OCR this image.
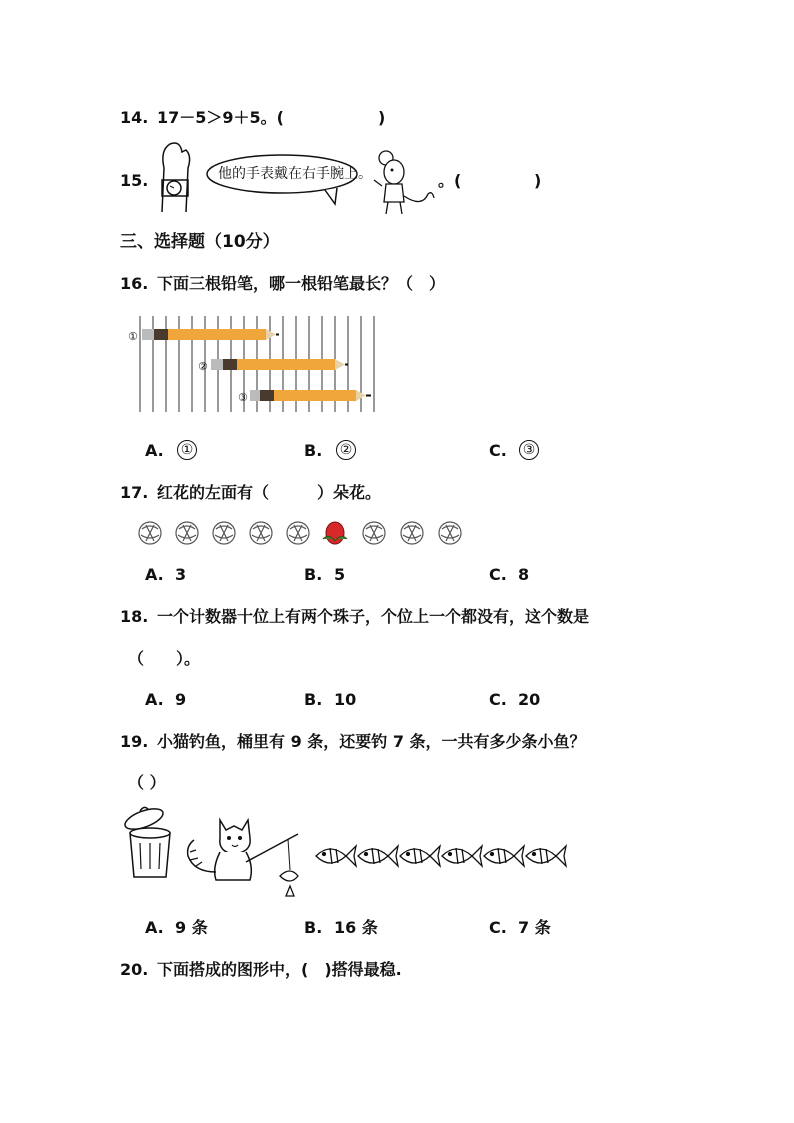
14. 17－5＞9＋5。(	)
15.	他的手表戴在右手腕上。	。(	)
三、选择题（10分）
16. 下面三根铅笔，哪一根铅笔最长？（　）
①
②
③
A. ①	B. ②	C. ③
17. 红花的左面有（　　　）朵花。
A. 3	B. 5	C. 8
18. 一个计数器十位上有两个珠子，个位上一个都没有，这个数是
（　　）。
A. 9	B. 10	C. 20
19. 小猫钓鱼，桶里有 9 条，还要钓 7 条，一共有多少条小鱼？
（ ）
A. 9 条	B. 16 条	C. 7 条
20. 下面搭成的图形中，(　)搭得最稳.
